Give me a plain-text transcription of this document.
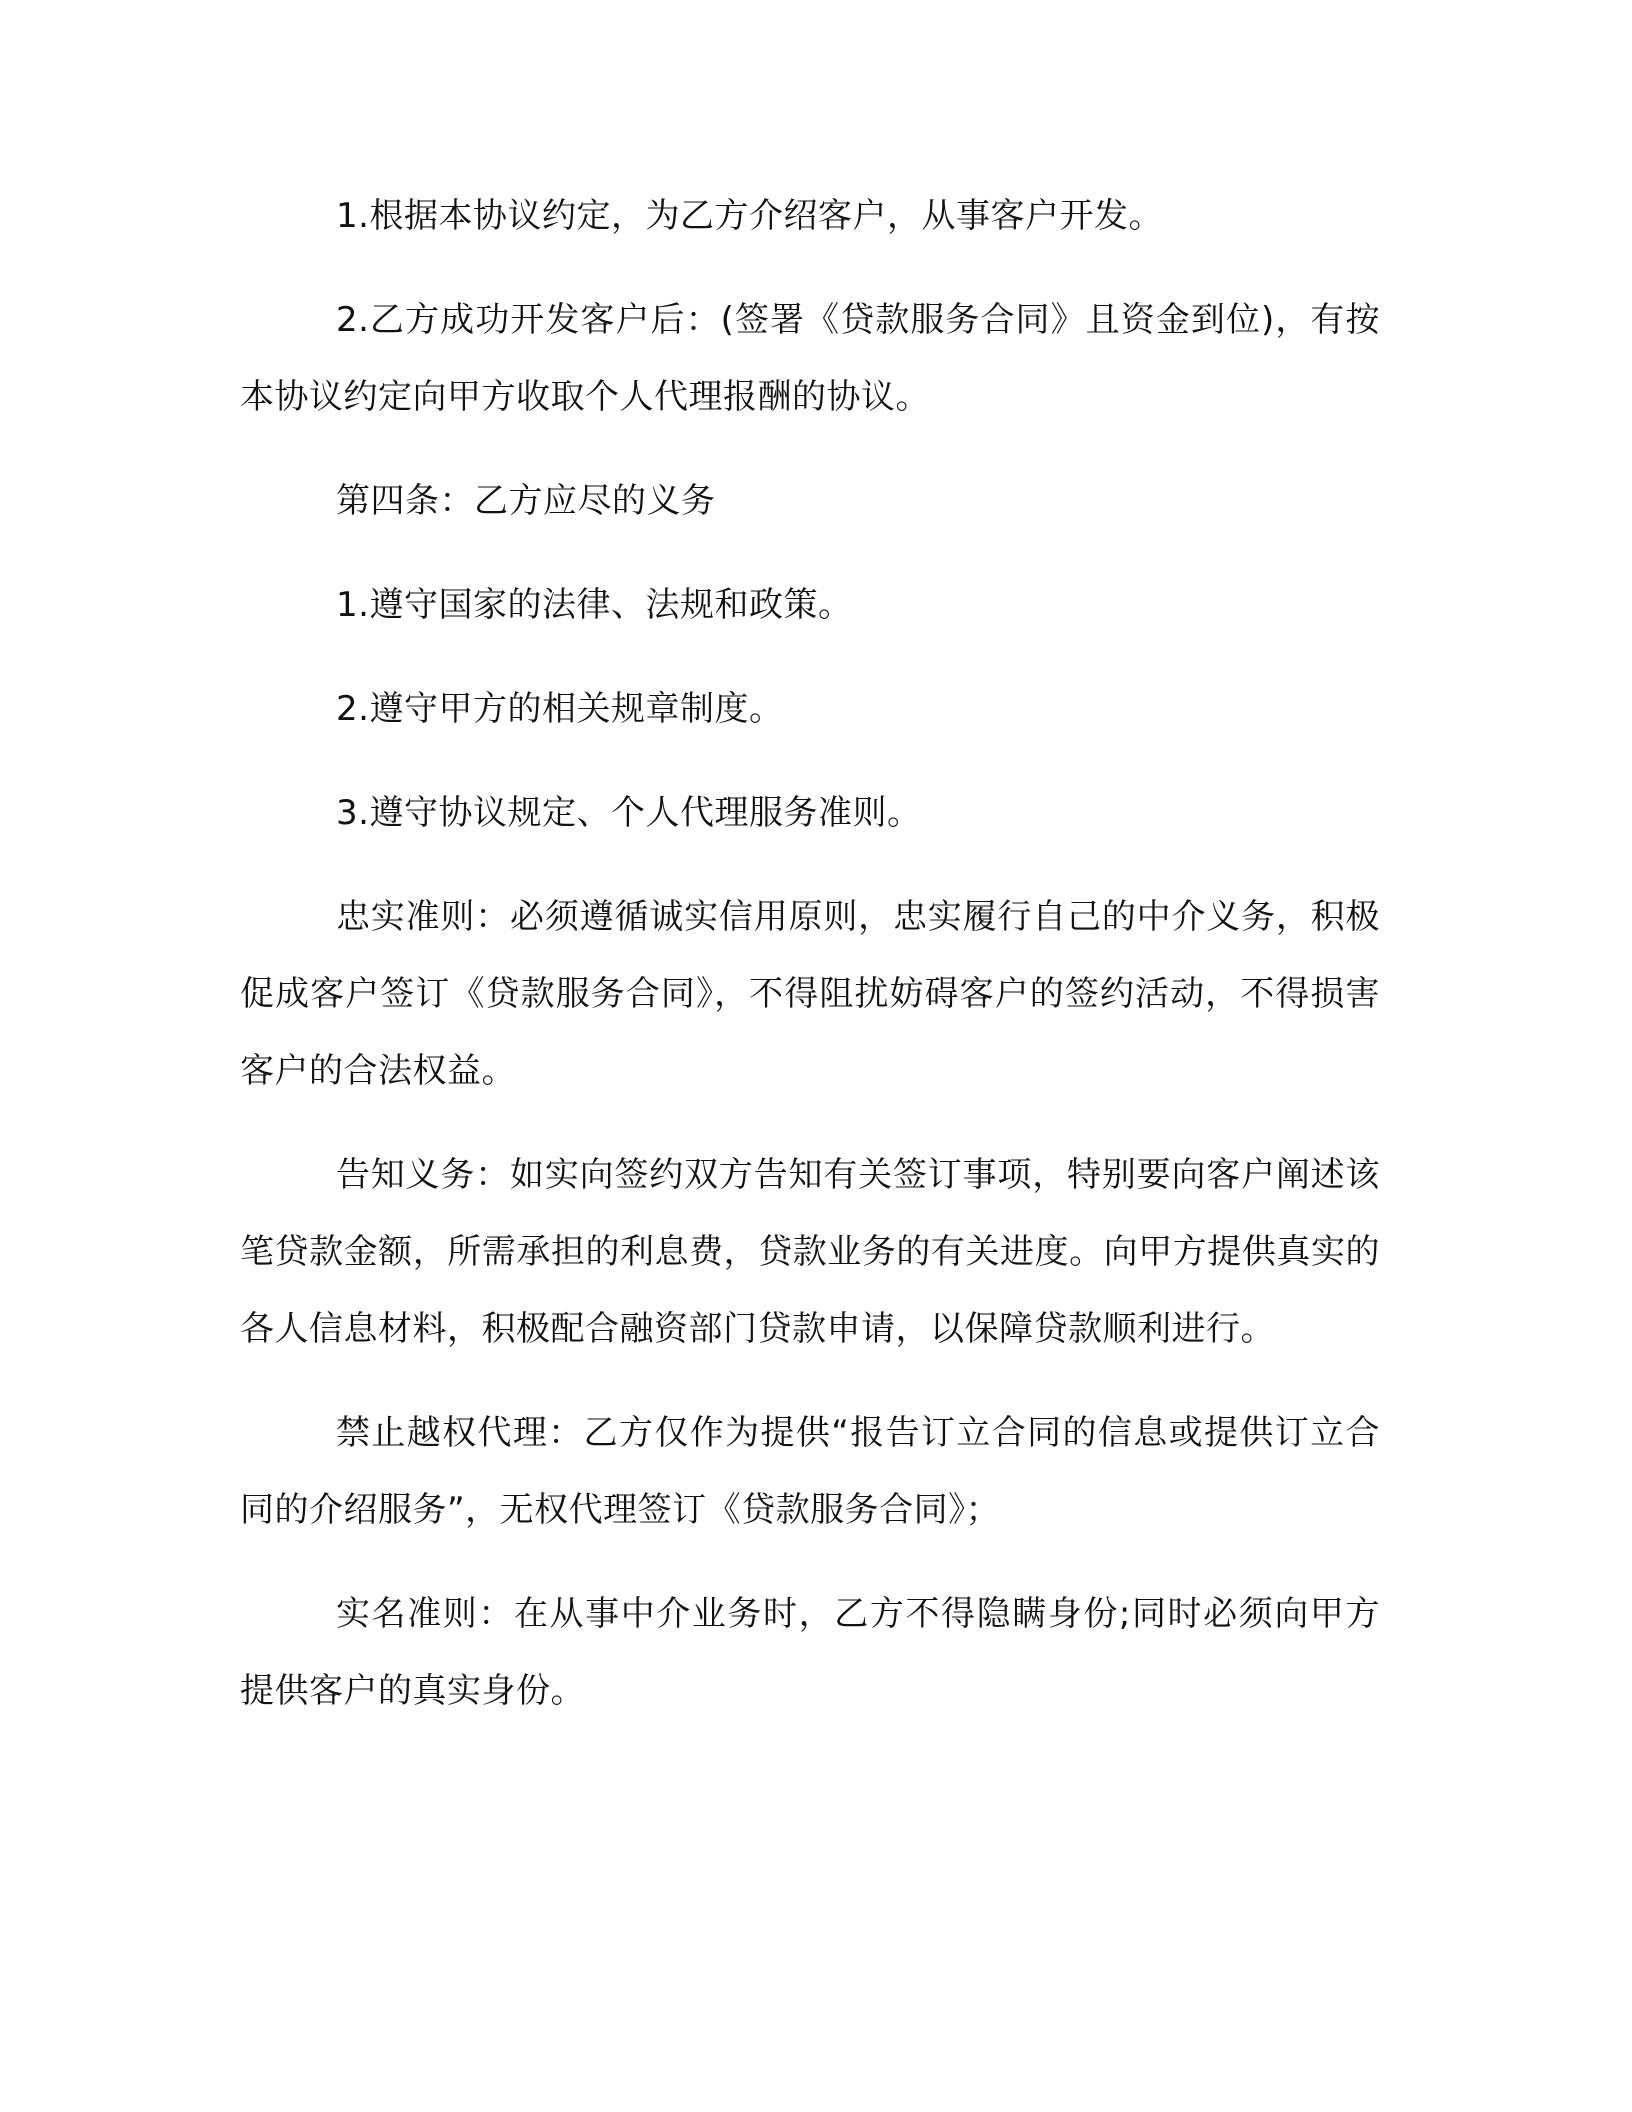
1.根据本协议约定，为乙方介绍客户，从事客户开发。

2.乙方成功开发客户后：(签署《贷款服务合同》且资金到位)，有按本协议约定向甲方收取个人代理报酬的协议。

第四条：乙方应尽的义务

1.遵守国家的法律、法规和政策。

2.遵守甲方的相关规章制度。

3.遵守协议规定、个人代理服务准则。

忠实准则：必须遵循诚实信用原则，忠实履行自己的中介义务，积极促成客户签订《贷款服务合同》，不得阻扰妨碍客户的签约活动，不得损害客户的合法权益。

告知义务：如实向签约双方告知有关签订事项，特别要向客户阐述该笔贷款金额，所需承担的利息费，贷款业务的有关进度。向甲方提供真实的各人信息材料，积极配合融资部门贷款申请，以保障贷款顺利进行。

禁止越权代理：乙方仅作为提供“报告订立合同的信息或提供订立合同的介绍服务”，无权代理签订《贷款服务合同》；

实名准则：在从事中介业务时，乙方不得隐瞒身份;同时必须向甲方提供客户的真实身份。
